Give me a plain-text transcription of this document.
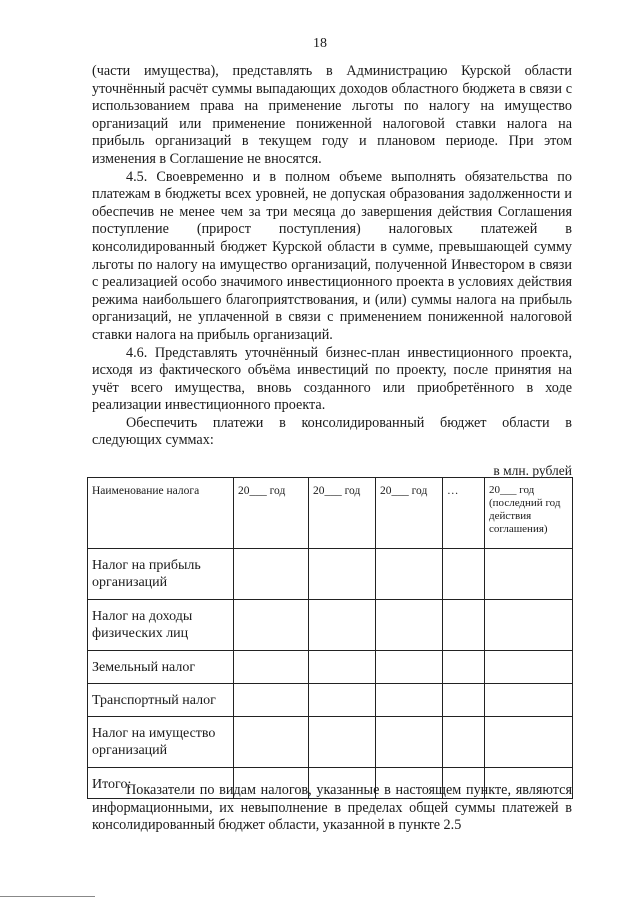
18

(части имущества), представлять в Администрацию Курской области уточнённый расчёт суммы выпадающих доходов областного бюджета в связи с использованием права на применение льготы по налогу на имущество организаций или применение пониженной налоговой ставки налога на прибыль организаций в текущем году и плановом периоде. При этом изменения в Соглашение не вносятся.

4.5. Своевременно и в полном объеме выполнять обязательства по платежам в бюджеты всех уровней, не допуская образования задолженности и обеспечив не менее чем за три месяца до завершения действия Соглашения поступление (прирост поступления) налоговых платежей в консолидированный бюджет Курской области в сумме, превышающей сумму льготы по налогу на имущество организаций, полученной Инвестором в связи с реализацией особо значимого инвестиционного проекта в условиях действия режима наибольшего благоприятствования, и (или) суммы налога на прибыль организаций, не уплаченной в связи с применением пониженной налоговой ставки налога на прибыль организаций.

4.6. Представлять уточнённый бизнес-план инвестиционного проекта, исходя из фактического объёма инвестиций по проекту, после принятия на учёт всего имущества, вновь созданного или приобретённого в ходе реализации инвестиционного проекта.

Обеспечить платежи в консолидированный бюджет области в следующих суммах:

в млн. рублей
Наименование налога	20___ год	20___ год	20___ год	…	20___ год (последний год действия соглашения)
Налог на прибыль организаций					
Налог на доходы физических лиц					
Земельный налог					
Транспортный налог					
Налог на имущество организаций					
Итого:					

Показатели по видам налогов, указанные в настоящем пункте, являются информационными, их невыполнение в пределах общей суммы платежей в консолидированный бюджет области, указанной в пункте 2.5
